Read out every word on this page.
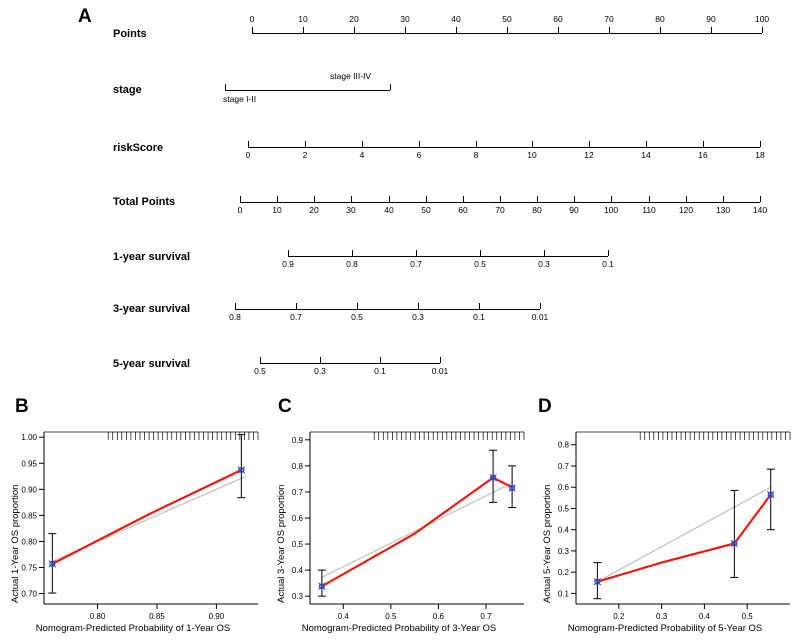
A
B	C	D
Points
stage
riskScore
Total Points
1-year survival
3-year survival
5-year survival
0	10	20	30	40	50	60	70	80	90	100
stage I-II
stage III-IV
0	2	4	6	8	10	12	14	16	18
0	10	20	30	40	50	60	70	80	90	100	110	120	130	140
0.9	0.8	0.7	0.5	0.3	0.1
0.8	0.7	0.5	0.3	0.1	0.01
0.5	0.3	0.1	0.01
0.80	0.85	0.90
0.70
0.75
0.80
0.85
0.90
0.95
1.00
Actual 1-Year OS proportion
Nomogram-Predicted Probability of 1-Year OS
0.4	0.5	0.6	0.7
0.3
0.4
0.5
0.6
0.7
0.8
0.9
Actual 3-Year OS proportion
Nomogram-Predicted Probability of 3-Year OS
0.2	0.3	0.4	0.5
0.1
0.2
0.3
0.4
0.5
0.6
0.7
0.8
Actual 5-Year OS proportion
Nomogram-Predicted Probability of 5-Year OS
